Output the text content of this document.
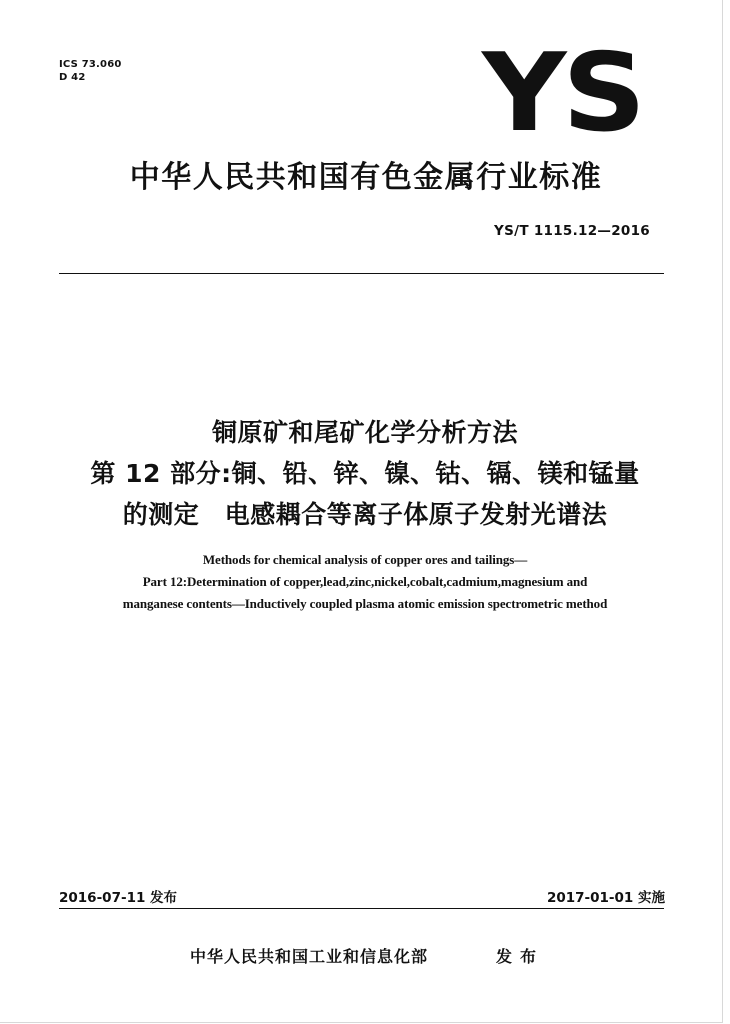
ICS 73.060
D 42	YS
中华人民共和国有色金属行业标准
YS/T 1115.12—2016
铜原矿和尾矿化学分析方法
第 12 部分:铜、铅、锌、镍、钴、镉、镁和锰量
的测定　电感耦合等离子体原子发射光谱法
Methods for chemical analysis of copper ores and tailings—
Part 12:Determination of copper,lead,zinc,nickel,cobalt,cadmium,magnesium and
manganese contents—Inductively coupled plasma atomic emission spectrometric method
2016-07-11 发布	2017-01-01 实施
中华人民共和国工业和信息化部	发布
